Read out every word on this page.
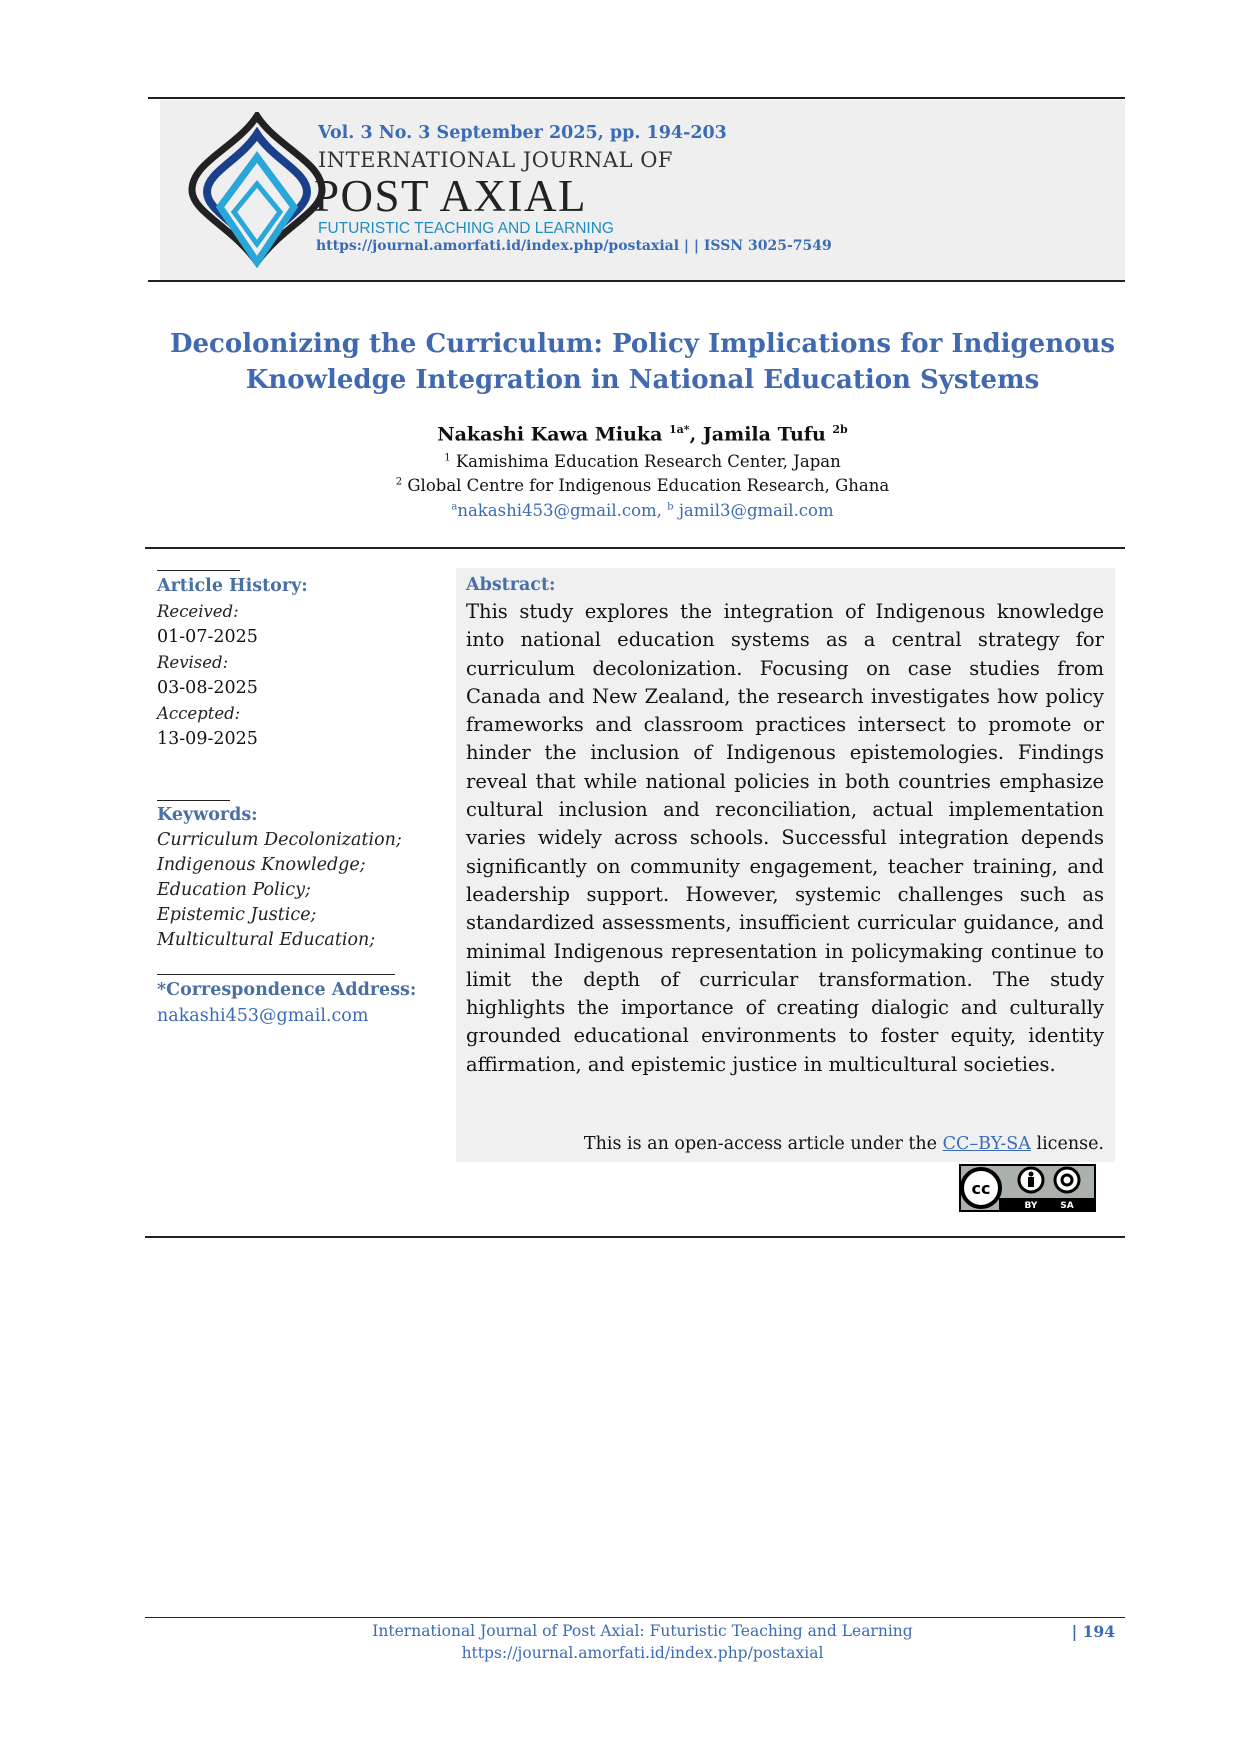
Vol. 3 No. 3 September 2025, pp. 194-203
INTERNATIONAL JOURNAL OF
POST AXIAL
FUTURISTIC TEACHING AND LEARNING
https://journal.amorfati.id/index.php/postaxial | | ISSN 3025-7549
Decolonizing the Curriculum: Policy Implications for Indigenous
Knowledge Integration in National Education Systems
Nakashi Kawa Miuka $^{1a*}$, Jamila Tufu $^{2b}$
$^1$ Kamishima Education Research Center, Japan
$^2$ Global Centre for Indigenous Education Research, Ghana
$^a$nakashi453@gmail.com, $^b$ jamil3@gmail.com
Article History:
Received:
01-07-2025
Revised:
03-08-2025
Accepted:
13-09-2025
Keywords:
Curriculum Decolonization;
Indigenous Knowledge;
Education Policy;
Epistemic Justice;
Multicultural Education;
*Correspondence Address:
nakashi453@gmail.com
Abstract:
This study explores the integration of Indigenous knowledge into national education systems as a central strategy for curriculum decolonization. Focusing on case studies from Canada and New Zealand, the research investigates how policy frameworks and classroom practices intersect to promote or hinder the inclusion of Indigenous epistemologies. Findings reveal that while national policies in both countries emphasize cultural inclusion and reconciliation, actual implementation varies widely across schools. Successful integration depends significantly on community engagement, teacher training, and leadership support. However, systemic challenges such as standardized assessments, insufficient curricular guidance, and minimal Indigenous representation in policymaking continue to limit the depth of curricular transformation. The study highlights the importance of creating dialogic and culturally grounded educational environments to foster equity, identity affirmation, and epistemic justice in multicultural societies.
This is an open-access article under the CC–BY-SA license.
cc
BY	SA
International Journal of Post Axial: Futuristic Teaching and Learning	| 194
https://journal.amorfati.id/index.php/postaxial
